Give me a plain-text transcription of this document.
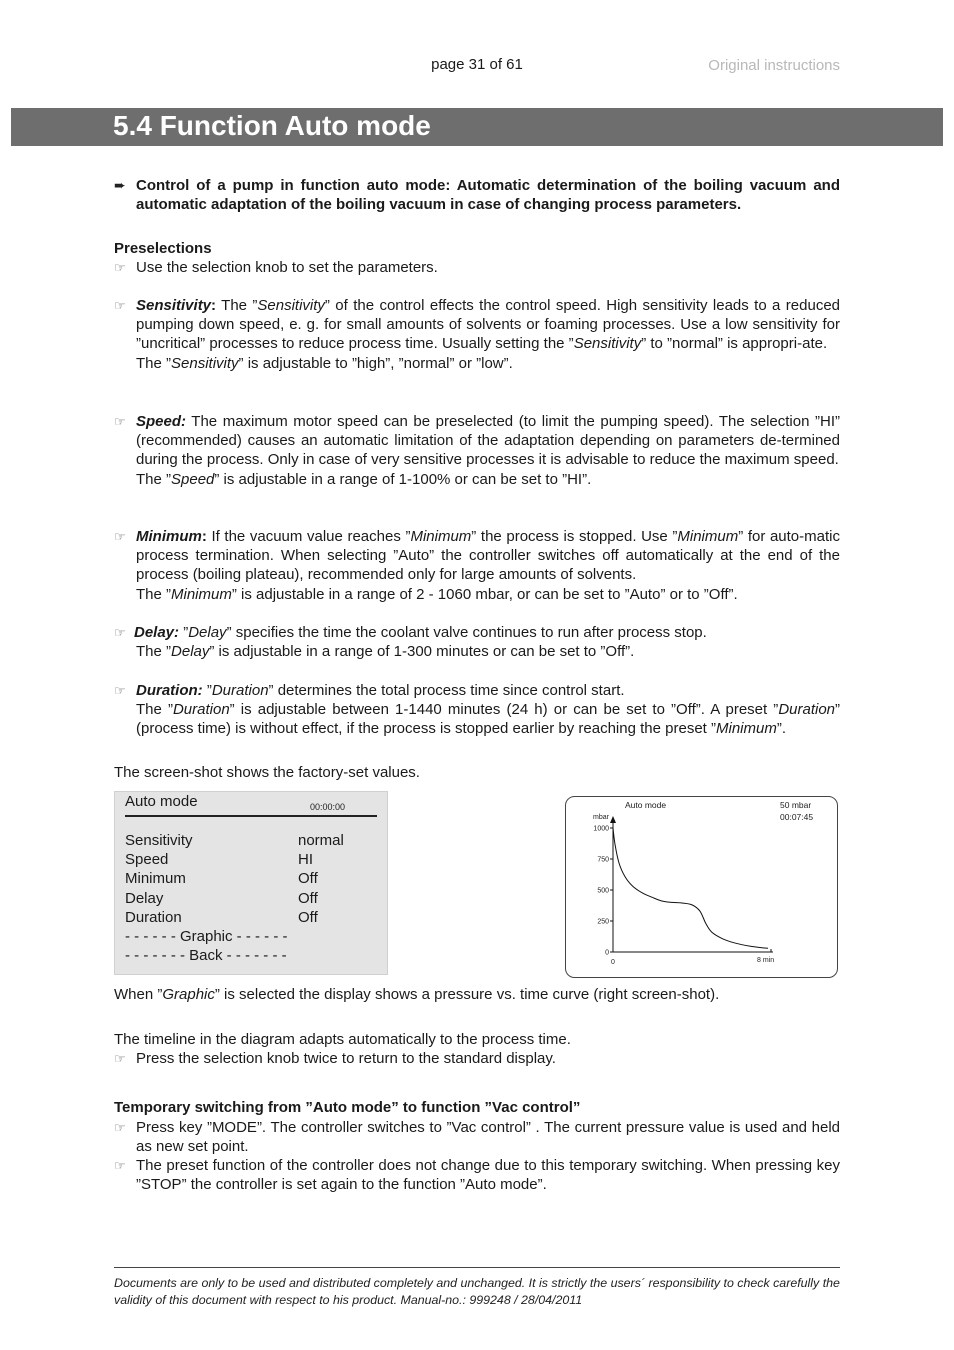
page 31 of 61	Original instructions
5.4 Function Auto mode
➨ Control of a pump in function auto mode: Automatic determination of the boiling vacuum and automatic adaptation of the boiling vacuum in case of changing process parameters.
Preselections
☞ Use the selection knob to set the parameters.
☞ Sensitivity: The ”Sensitivity” of the control effects the control speed. High sensitivity leads to a reduced pumping down speed, e. g. for small amounts of solvents or foaming processes. Use a low sensitivity for ”uncritical” processes to reduce process time. Usually setting the ”Sensitivity” to ”normal” is appropri-ate.
The ”Sensitivity” is adjustable to ”high”, ”normal” or ”low”.
☞ Speed: The maximum motor speed can be preselected (to limit the pumping speed). The selection ”HI” (recommended) causes an automatic limitation of the adaptation depending on parameters de-termined during the process. Only in case of very sensitive processes it is advisable to reduce the maximum speed.
The ”Speed” is adjustable in a range of 1-100% or can be set to ”HI”.
☞ Minimum: If the vacuum value reaches ”Minimum” the process is stopped. Use ”Minimum” for auto-matic process termination. When selecting ”Auto” the controller switches off automatically at the end of the process (boiling plateau), recommended only for large amounts of solvents.
The ”Minimum” is adjustable in a range of 2 - 1060 mbar, or can be set to ”Auto” or to ”Off”.
☞ Delay: ”Delay” specifies the time the coolant valve continues to run after process stop.
The ”Delay” is adjustable in a range of 1-300 minutes or can be set to ”Off”.
☞ Duration: ”Duration” determines the total process time since control start.
The ”Duration” is adjustable between 1-1440 minutes (24 h) or can be set to ”Off”. A preset ”Duration” (process time) is without effect, if the process is stopped earlier by reaching the preset ”Minimum”.
The screen-shot shows the factory-set values.
Auto mode	00:00:00
Sensitivity	normal
Speed	HI
Minimum	Off
Delay	Off
Duration	Off
- - - - - - Graphic - - - - - -
- - - - - - - Back - - - - - - -
Auto mode	50 mbar
00:07:45
mbar
1000
750
500
250
0
0	8 min
When ”Graphic” is selected the display shows a pressure vs. time curve (right screen-shot).
The timeline in the diagram adapts automatically to the process time.
☞ Press the selection knob twice to return to the standard display.
Temporary switching from ”Auto mode” to function ”Vac control”
☞ Press key ”MODE”. The controller switches to ”Vac control” . The current pressure value is used and held as new set point.
☞ The preset function of the controller does not change due to this temporary switching. When pressing key ”STOP” the controller is set again to the function ”Auto mode”.
Documents are only to be used and distributed completely and unchanged. It is strictly the users´ responsibility to check carefully the validity of this document with respect to his product. Manual-no.: 999248 / 28/04/2011
